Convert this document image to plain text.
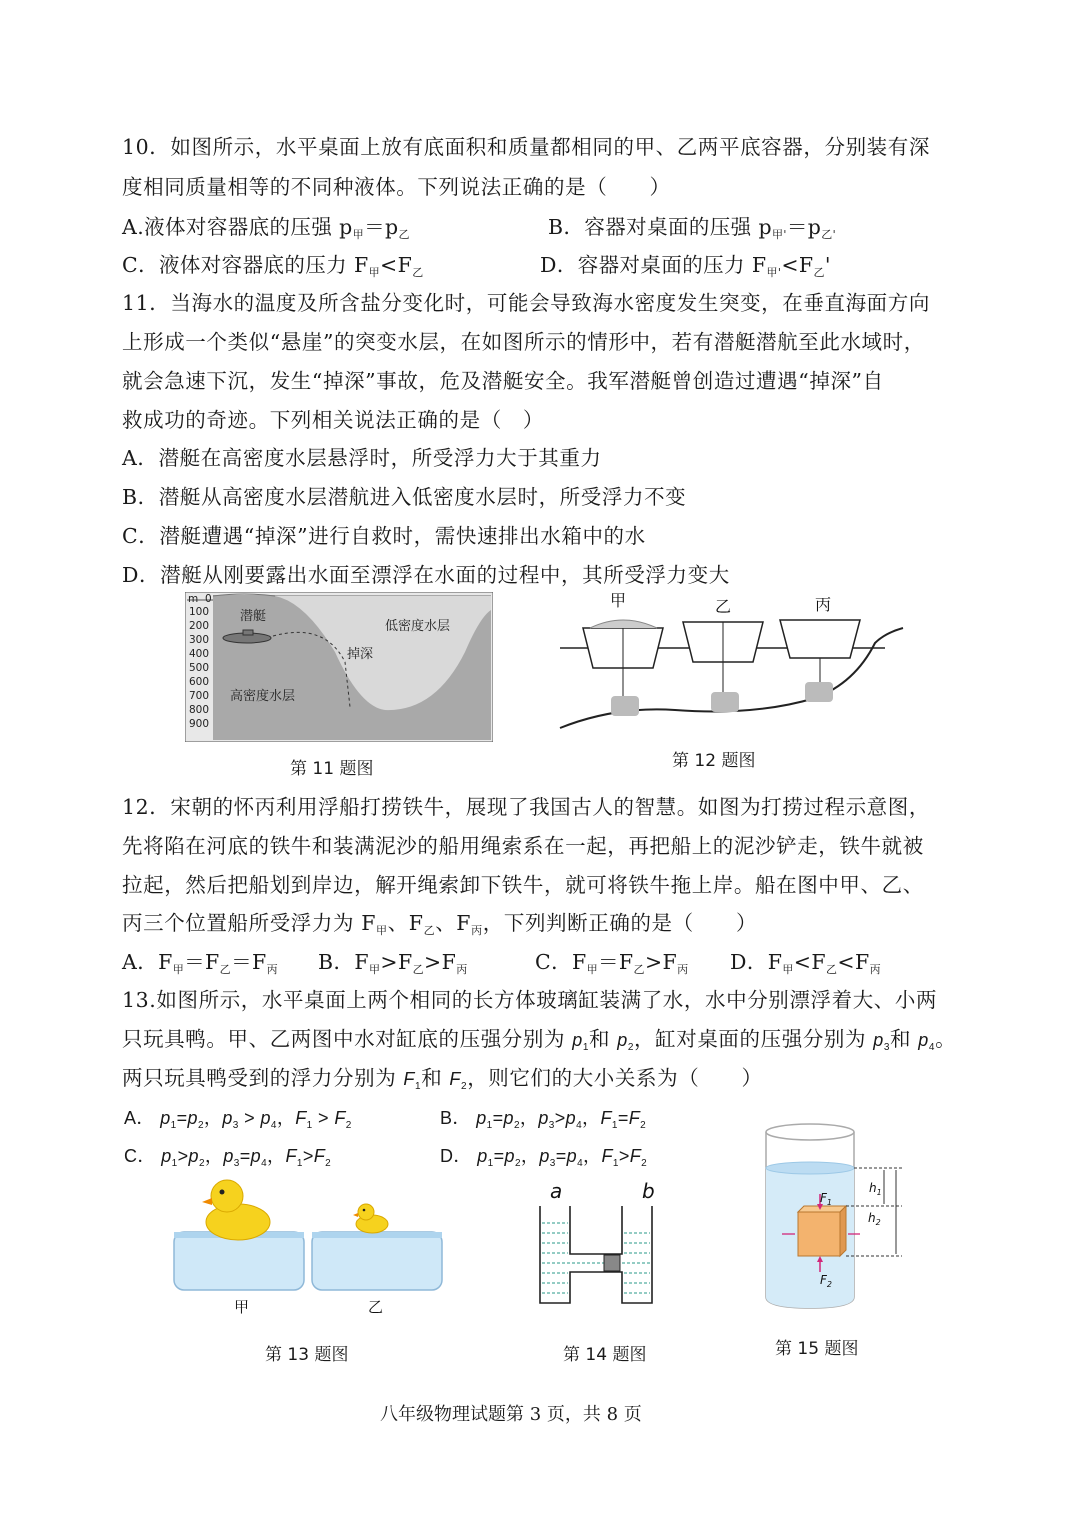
10．如图所示，水平桌面上放有底面积和质量都相同的甲、乙两平底容器，分别装有深
度相同质量相等的不同种液体。下列说法正确的是（　　）
A.液体对容器底的压强 p甲＝p乙	B．容器对桌面的压强 p甲'＝p乙'
C．液体对容器底的压力 F甲<F乙	D．容器对桌面的压力 F甲'<F乙'
11．当海水的温度及所含盐分变化时，可能会导致海水密度发生突变，在垂直海面方向
上形成一个类似“悬崖”的突变水层，在如图所示的情形中，若有潜艇潜航至此水域时，
就会急速下沉，发生“掉深”事故，危及潜艇安全。我军潜艇曾创造过遭遇“掉深”自
救成功的奇迹。下列相关说法正确的是（　）
A．潜艇在高密度水层悬浮时，所受浮力大于其重力
B．潜艇从高密度水层潜航进入低密度水层时，所受浮力不变
C．潜艇遭遇“掉深”进行自救时，需快速排出水箱中的水
D．潜艇从刚要露出水面至漂浮在水面的过程中，其所受浮力变大
m 0
100
200
300
400
500
600
700
800
900
潜艇
低密度水层
掉深
高密度水层
第 11 题图
甲	乙	丙
第 12 题图
12．宋朝的怀丙利用浮船打捞铁牛，展现了我国古人的智慧。如图为打捞过程示意图，
先将陷在河底的铁牛和装满泥沙的船用绳索系在一起，再把船上的泥沙铲走，铁牛就被
拉起，然后把船划到岸边，解开绳索卸下铁牛，就可将铁牛拖上岸。船在图中甲、乙、
丙三个位置船所受浮力为 F甲、F乙、F丙，下列判断正确的是（　　）
A．F甲＝F乙＝F丙 B．F甲>F乙>F丙	C．F甲＝F乙>F丙 D．F甲<F乙<F丙
13.如图所示，水平桌面上两个相同的长方体玻璃缸装满了水，水中分别漂浮着大、小两
只玩具鸭。甲、乙两图中水对缸底的压强分别为 $p_1$和 $p_2$，缸对桌面的压强分别为 $p_3$和 $p_4$。
两只玩具鸭受到的浮力分别为 $F_1$和 $F_2$，则它们的大小关系为（　　）
A． $p_1=p_2$，$p_3 > p_4$，$F_1 > F_2$	B． $p_1=p_2$，$p_3>p_4$，$F_1=F_2$
C． $p_1>p_2$，$p_3=p_4$，$F_1>F_2$	D． $p_1=p_2$，$p_3=p_4$，$F_1>F_2$
甲	乙
第 13 题图
a	b
第 14 题图
$h_1$
$h_2$
$F_1$
$F_2$
第 15 题图
八年级物理试题第 3 页，共 8 页
